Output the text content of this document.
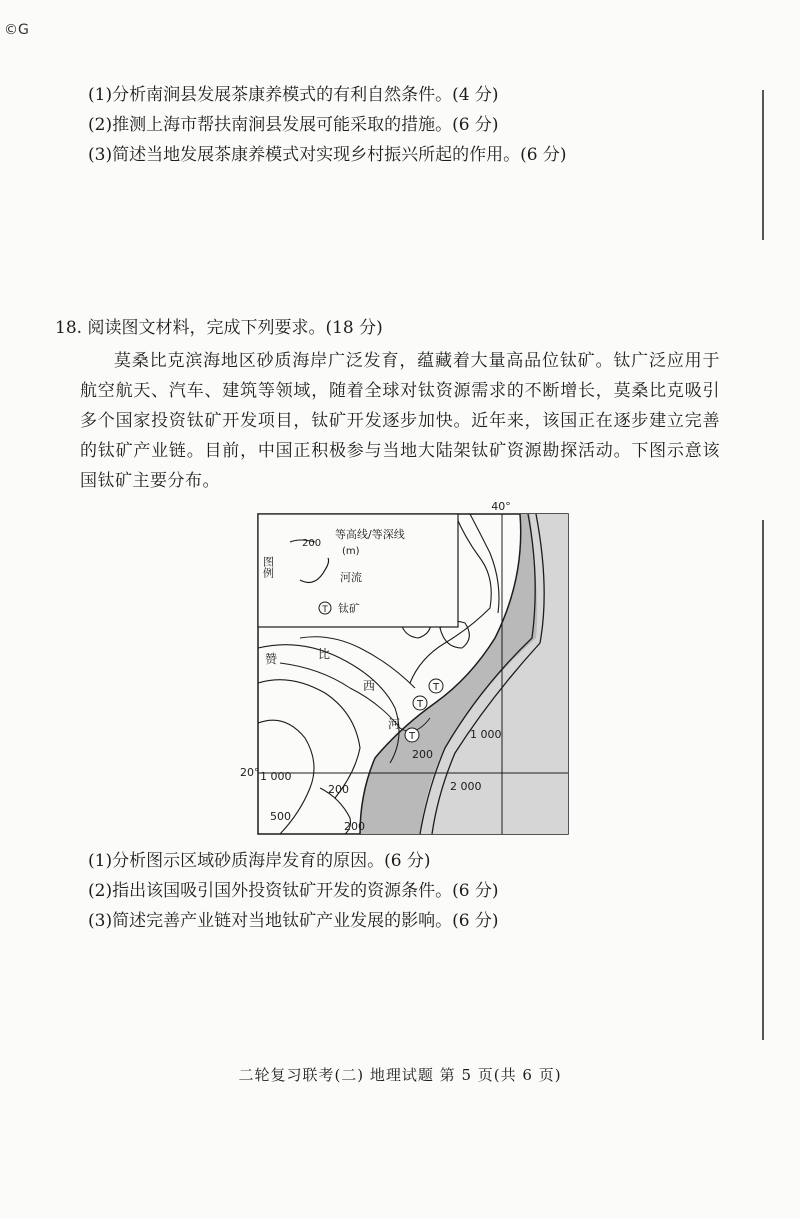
©G
(1)分析南涧县发展茶康养模式的有利自然条件。(4 分)
(2)推测上海市帮扶南涧县发展可能采取的措施。(6 分)
(3)简述当地发展茶康养模式对实现乡村振兴所起的作用。(6 分)
18. 阅读图文材料，完成下列要求。(18 分)
莫桑比克滨海地区砂质海岸广泛发育，蕴藏着大量高品位钛矿。钛广泛应用于航空航天、汽车、建筑等领域，随着全球对钛资源需求的不断增长，莫桑比克吸引多个国家投资钛矿开发项目，钛矿开发逐步加快。近年来，该国正在逐步建立完善的钛矿产业链。目前，中国正积极参与当地大陆架钛矿资源勘探活动。下图示意该国钛矿主要分布。
T
T
T
40°
20°
赞	比
西
河
1 000
2 000
200
200
200
500
1 000
图例
200
等高线/等深线
(m)
河流
T 钛矿
(1)分析图示区域砂质海岸发育的原因。(6 分)
(2)指出该国吸引国外投资钛矿开发的资源条件。(6 分)
(3)简述完善产业链对当地钛矿产业发展的影响。(6 分)
二轮复习联考(二) 地理试题 第 5 页(共 6 页)
